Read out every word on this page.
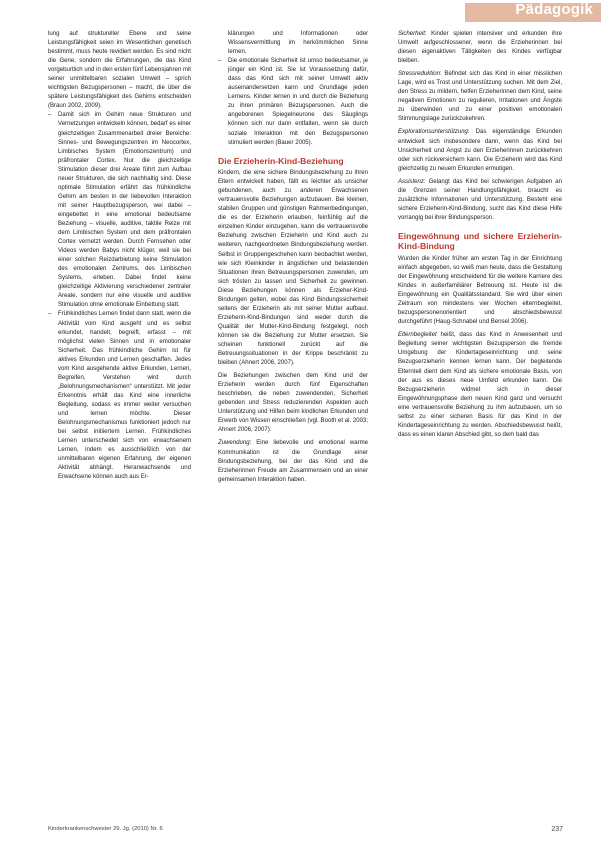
Pädagogik

lung auf struktureller Ebene und seine Leistungsfähigkeit seien im Wesentlichen genetisch bestimmt, muss heute revidiert werden. Es sind nicht die Gene, sondern die Erfahrungen, die das Kind vorgeburtlich und in den ersten fünf Lebensjahren mit seiner unmittelbaren sozialen Umwelt – sprich wichtigsten Bezugspersonen – macht, die über die spätere Leistungsfähigkeit des Gehirns entscheiden (Braun 2002, 2009).

– Damit sich im Gehirn neue Strukturen und Vernetzungen entwickeln können, bedarf es einer gleichzeitigen Zusammenarbeit dreier Bereiche: Sinnes- und Bewegungszentren im Neocortex, Limbisches System (Emotionszentrum) und präfrontaler Cortex. Nur die gleichzeitige Stimulation dieser drei Areale führt zum Aufbau neuer Strukturen, die sich nachhaltig sind. Diese optimale Stimulation erfährt das frühkindliche Gehirn am besten in der liebevollen Interaktion mit seiner Hauptbezugsperson, wei dabei – eingebettet in eine emotional bedeutsame Beziehung – visuelle, auditive, taktile Reize mit dem Limbischen System und dem präfrontalen Cortex vernetzt werden. Durch Fernsehen oder Videos werden Babys nicht klüger, weil sie bei einer solchen Reizdarbietung keine Stimulation des emotionalen Zentrums, des Limbischen Systems, erleben. Dabei findet keine gleichzeitige Aktivierung verschiedener zentraler Areale, sondern nur eine visuelle und auditive Stimulation ohne emotionale Einbettung statt.
– Frühkindliches Lernen findet dann statt, wenn die Aktivität vom Kind ausgeht und es selbst erkundet, handelt, begreift, erfasst – mit möglichst vielen Sinnen und in emotionaler Sicherheit. Das frühkindliche Gehirn ist für aktives Erkunden und Lernen geschaffen. Jedes vom Kind ausgehende aktive Erkunden, Lernen, Begreifen, Verstehen wird durch „Belohnungsmechanismen“ unterstützt. Mit jeder Erkenntnis erhält das Kind eine innerliche Begleitung, sodass es immer weiter versuchen und lernen möchte. Dieser Belohnungsmechanismus funktioniert jedoch nur bei selbst initiiertem Lernen. Frühkindliches Lernen unterscheidet sich von erwachsenem Lernen, indem es ausschließlich von der unmittelbaren eigenen Erfahrung, der eigenen Aktivität abhängt. Heranwachsende und Erwachsene können auch aus Er-

klärungen und Informationen oder Wissensvermittlung im herkömmlichen Sinne lernen.

– Die emotionale Sicherheit ist umso bedeutsamer, je jünger ein Kind ist. Sie ist Voraussetzung dafür, dass das Kind sich mit seiner Umwelt aktiv auseinandersetzen kann und Grundlage jeden Lernens. Kinder lernen in und durch die Beziehung zu ihren primären Bezugspersonen. Auch die angeborenen Spiegelneurone des Säuglings können sich nur dann entfalten, wenn sie durch soziale Interaktion mit den Bezugspersonen stimuliert werden (Bauer 2005).
Die Erzieherin-Kind-Beziehung

Kindern, die eine sichere Bindungsbeziehung zu ihren Eltern entwickelt haben, fällt es leichter als unsicher gebundenen, auch zu anderen Erwachsenen vertrauensvolle Beziehungen aufzubauen. Bei kleinen, stabilen Gruppen und günstigen Rahmenbedingungen, die es der Erzieherin erlauben, feinfühlig auf die einzelnen Kinder einzugehen, kann die vertrauensvolle Beziehung zwischen Erzieherin und Kind auch zu weiteren, nachgeordneten Bindungsbeziehung werden. Selbst in Gruppengeschehen kann beobachtet werden, wie sich Kleinkinder in ängstlichen und belastenden Situationen ihren Betreuungspersonen zuwenden, um sich trösten zu lassen und Sicherheit zu gewinnen. Diese Beziehungen können als Erzieher-Kind-Bindungen gelten, wobei das Kind Bindungssicherheit seitens der Erzieherin als mit seiner Mutter aufbaut. Erzieherin-Kind-Bindungen sind weder durch die Qualität der Mutter-Kind-Bindung festgelegt, noch können sie die Beziehung zur Mutter ersetzen. Sie scheinen funktionell zurückt auf die Betreuungssituationen in der Krippe beschränkt zu bleiben (Ahnert 2006, 2007).

Die Beziehungen zwischen dem Kind und der Erzieherin werden durch fünf Eigenschaften beschrieben, die neben zuwendenden, Sicherheit gebenden und Stress reduzierenden Aspekten auch Unterstützung und Hilfen beim kindlichen Erkunden und Erwerb von Wissen einschließen (vgl. Booth et al. 2003; Ahnert 2006, 2007):

Zuwendung: Eine liebevolle und emotional warme Kommunikation ist die Grundlage einer Bindungsbeziehung, bei der das Kind und die Erzieherinnen Freude am Zusammensein und an einer gemeinsamen Interaktion haben.

Sicherheit: Kinder spielen intensiver und erkunden ihre Umwelt aufgeschlossener, wenn die Erzieherinnen bei diesen eigenaktiven Tätigkeiten des Kindes verfügbar bleiben.

Stressreduktion: Befindet sich das Kind in einer misslichen Lage, wird es Trost und Unterstützung suchen. Mit dem Ziel, den Stress zu mildern, helfen Erzieherinnen dem Kind, seine negativen Emotionen zu regulieren, Irritationen und Ängste zu überwinden und zu einer positiven emotionalen Stimmungslage zurückzukehren.

Explorationsunterstützung: Das eigenständige Erkunden entwickelt sich insbesondere dann, wenn das Kind bei Unsicherheit und Angst zu den Erzieherinnen zurückkehren oder sich rückversichern kann. Die Erzieherin wird das Kind gleichzeitig zu neuem Erkunden ermutigen.

Assistenz: Gelangt das Kind bei schwierigen Aufgaben an die Grenzen seiner Handlungsfähigkeit, braucht es zusätzliche Informationen und Unterstützung. Besteht eine sichere Erzieherin-Kind-Bindung, sucht das Kind diese Hilfe vorrangig bei ihrer Bindungsperson.

Eingewöhnung und sichere Erzieherin-Kind-Bindung

Wurden die Kinder früher am ersten Tag in der Einrichtung einfach abgegeben, so weiß man heute, dass die Gestaltung der Eingewöhnung entscheidend für die weitere Karriere des Kindes in außerfamiliärer Betreuung ist. Heute ist die Eingewöhnung ein Qualitätsstandard. Sie wird über einen Zeitraum von mindestens vier Wochen elternbegleitet, bezugspersonenorientiert und abschiedsbewusst durchgeführt (Haug-Schnabel und Bensel 2006).

Elternbegleitet heißt, dass das Kind in Anwesenheit und Begleitung seiner wichtigsten Bezugsperson die fremde Umgebung der Kindertageseinrichtung und seine Bezugserzieherin kennen lernen kann. Der begleitende Elternteil dient dem Kind als sichere emotionale Basis, von der aus es dieses neue Umfeld erkunden kann. Die Bezugserzieherin widmet sich in dieser Eingewöhnungsphase dem neuen Kind ganz und versucht eine vertrauensvolle Beziehung zu ihm aufzubauen, um so selbst zu einer sicheren Basis für das Kind in der Kindertageseinrichtung zu werden. Abschiedsbewusst heißt, dass es einen klaren Abschied gibt, so dem bald das

Kinderkrankenschwester 29. Jg. (2010) Nr. 6	237
